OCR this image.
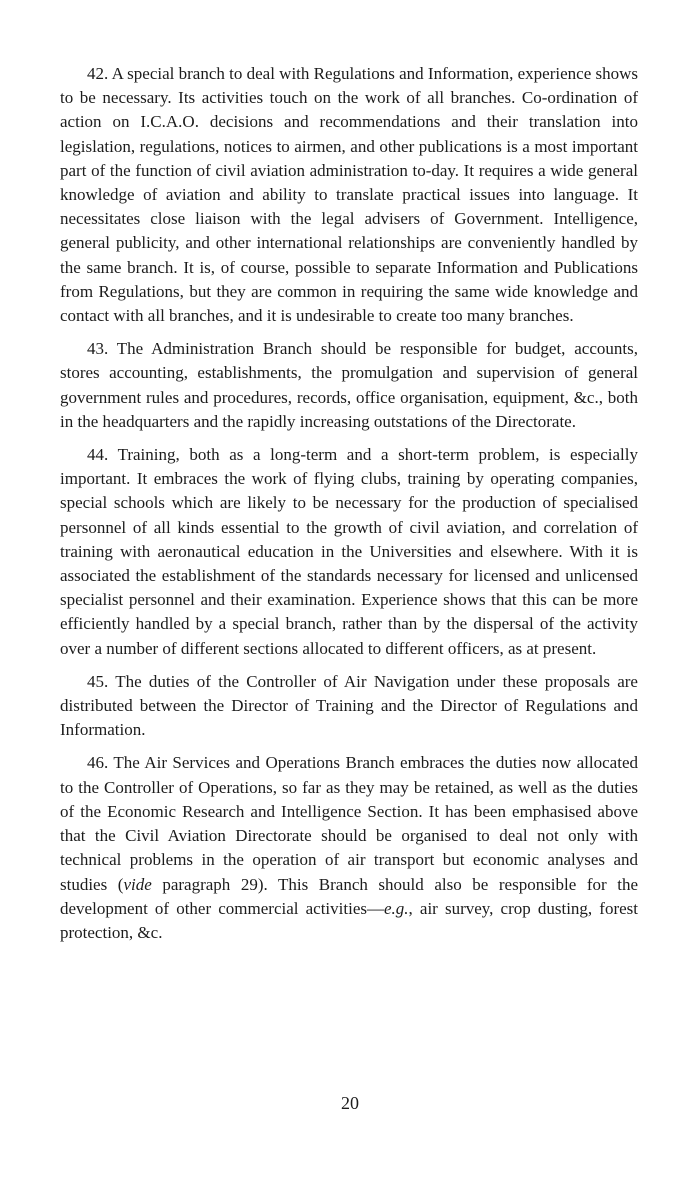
42. A special branch to deal with Regulations and Information, experience shows to be necessary. Its activities touch on the work of all branches. Co-ordination of action on I.C.A.O. decisions and recommendations and their translation into legislation, regulations, notices to airmen, and other publications is a most important part of the function of civil aviation administration to-day. It requires a wide general knowledge of aviation and ability to translate practical issues into language. It necessitates close liaison with the legal advisers of Government. Intelligence, general publicity, and other international relationships are conveniently handled by the same branch. It is, of course, possible to separate Information and Publications from Regulations, but they are common in requiring the same wide knowledge and contact with all branches, and it is undesirable to create too many branches.

43. The Administration Branch should be responsible for budget, accounts, stores accounting, establishments, the promulgation and supervision of general government rules and procedures, records, office organisation, equipment, &c., both in the headquarters and the rapidly increasing outstations of the Directorate.

44. Training, both as a long-term and a short-term problem, is especially important. It embraces the work of flying clubs, training by operating companies, special schools which are likely to be necessary for the production of specialised personnel of all kinds essential to the growth of civil aviation, and correlation of training with aeronautical education in the Universities and elsewhere. With it is associated the establishment of the standards necessary for licensed and unlicensed specialist personnel and their examination. Experience shows that this can be more efficiently handled by a special branch, rather than by the dispersal of the activity over a number of different sections allocated to different officers, as at present.

45. The duties of the Controller of Air Navigation under these proposals are distributed between the Director of Training and the Director of Regulations and Information.

46. The Air Services and Operations Branch embraces the duties now allocated to the Controller of Operations, so far as they may be retained, as well as the duties of the Economic Research and Intelligence Section. It has been emphasised above that the Civil Aviation Directorate should be organised to deal not only with technical problems in the operation of air transport but economic analyses and studies (vide paragraph 29). This Branch should also be responsible for the development of other commercial activities—e.g., air survey, crop dusting, forest protection, &c.

20
